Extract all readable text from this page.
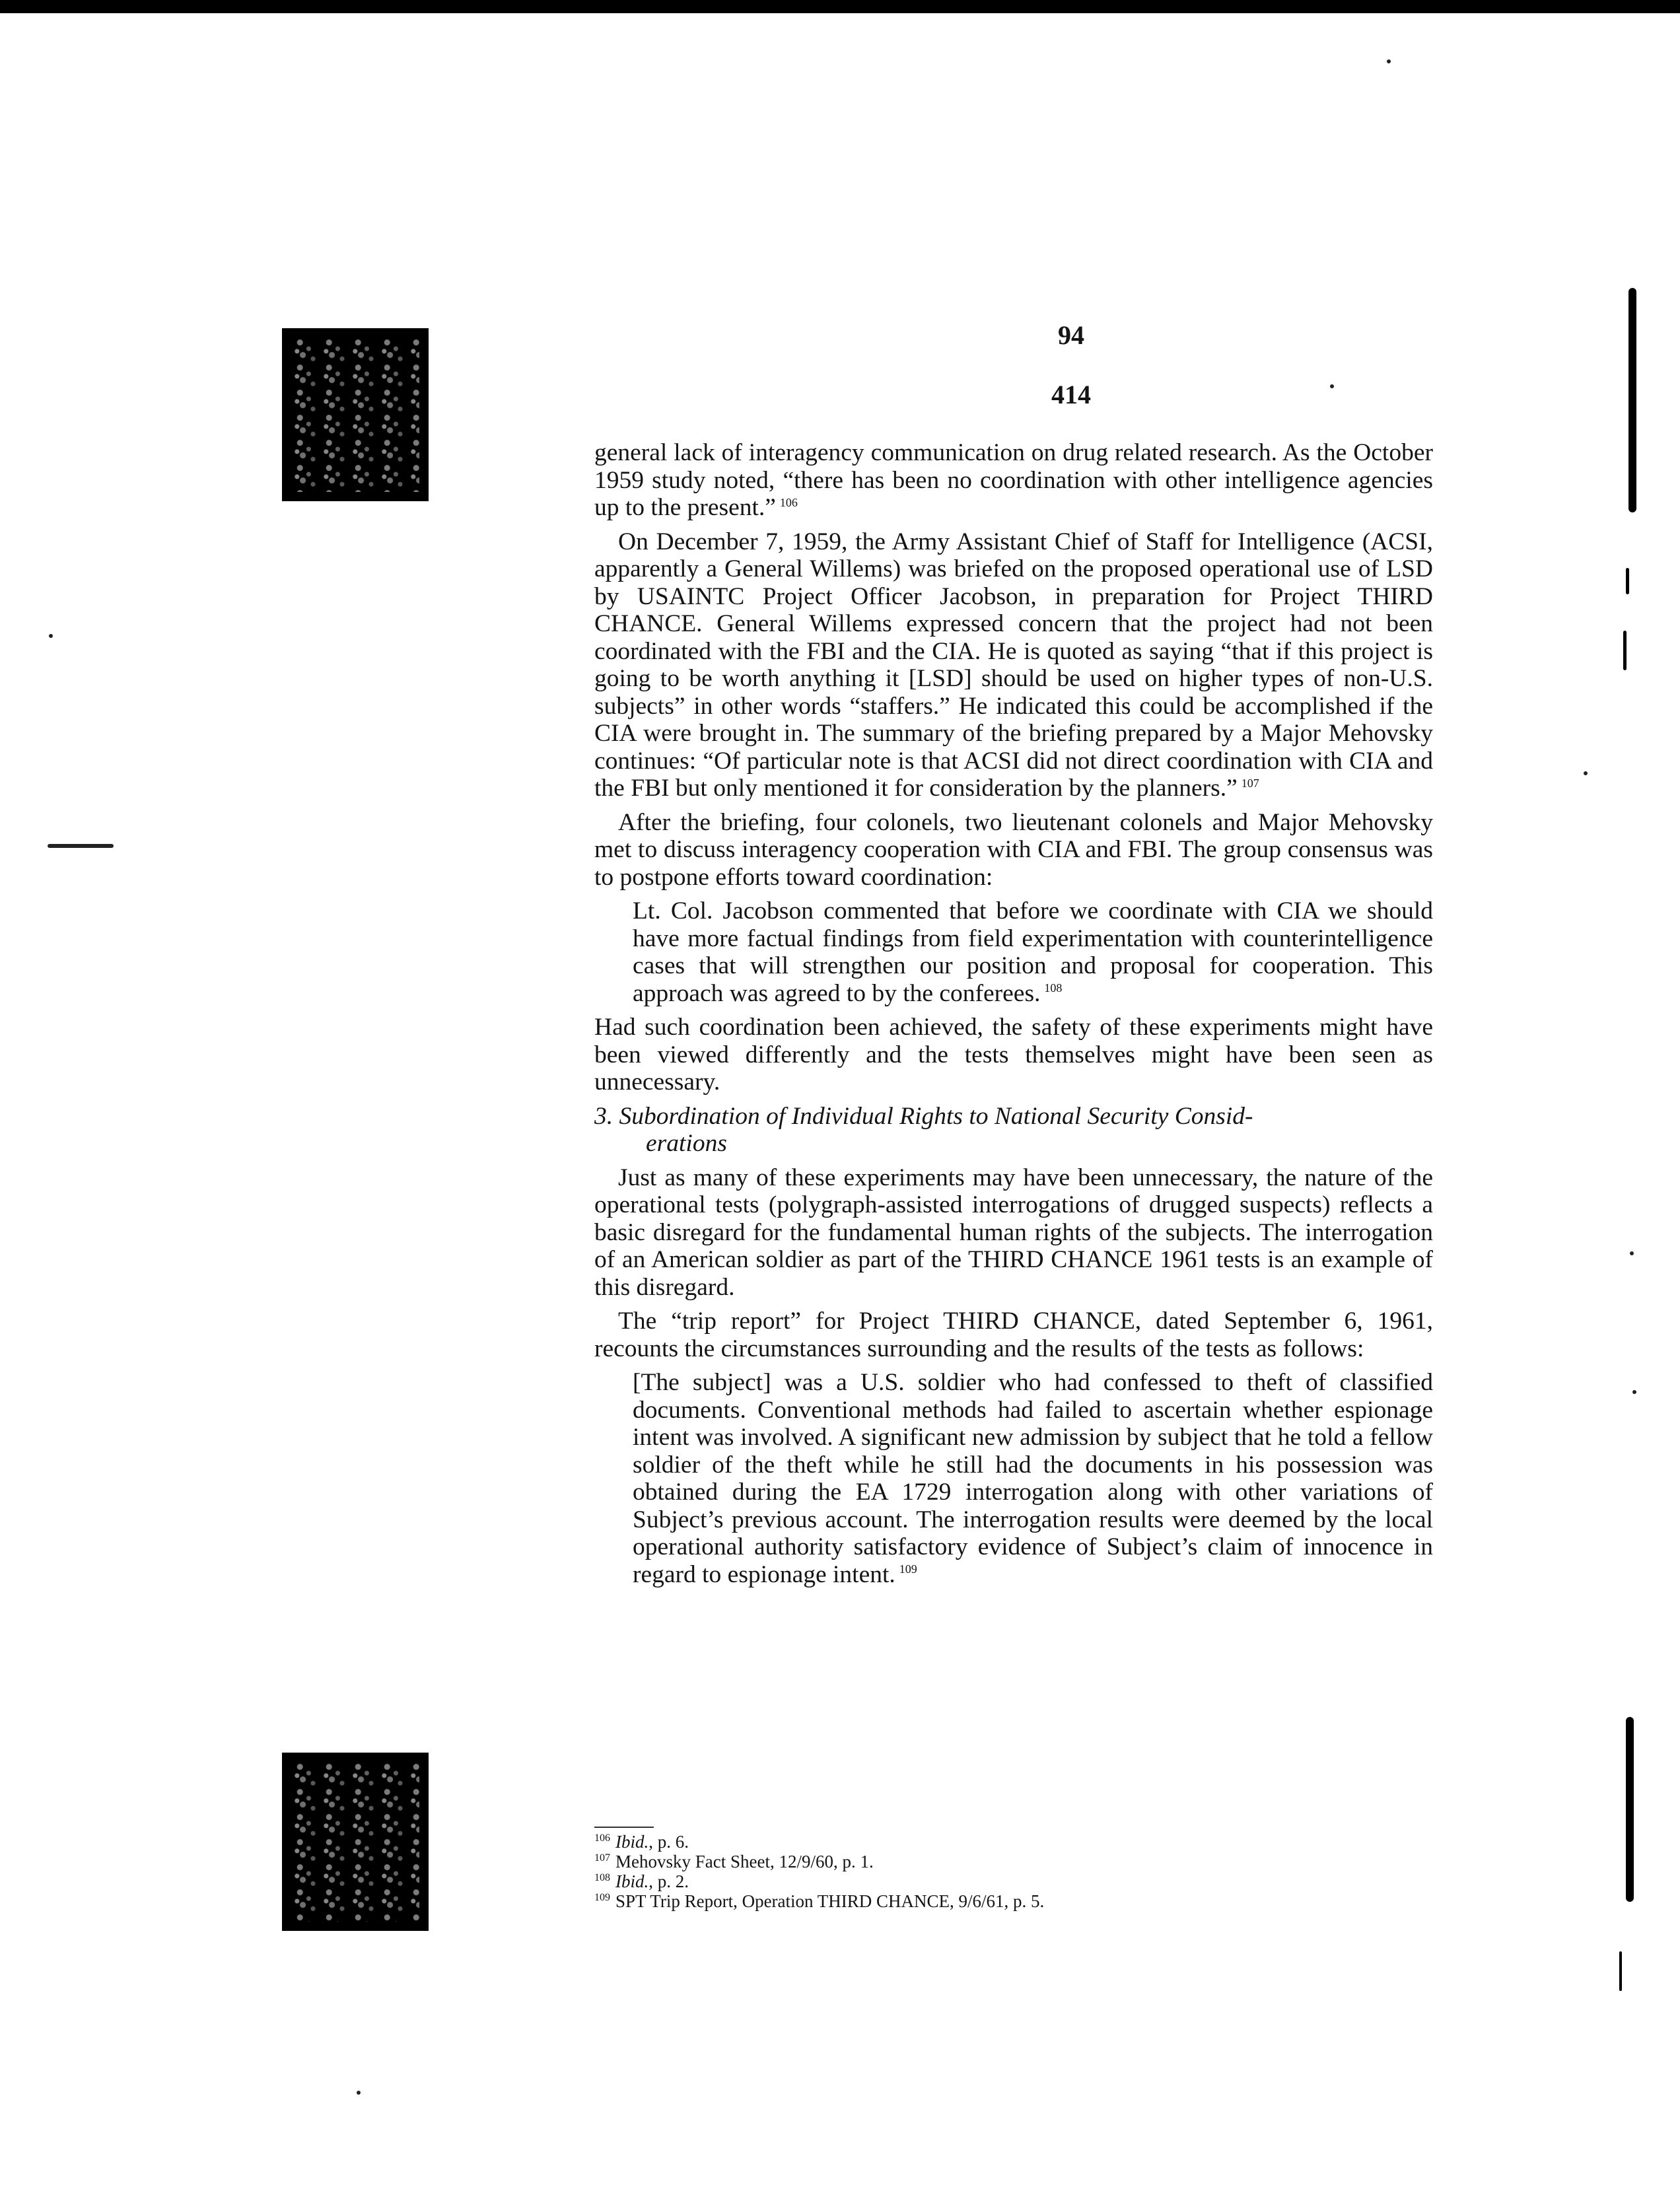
94
414

general lack of interagency communication on drug related research. As the October 1959 study noted, “there has been no coordination with other intelligence agencies up to the present.” $^{106}$

On December 7, 1959, the Army Assistant Chief of Staff for Intelligence (ACSI, apparently a General Willems) was briefed on the proposed operational use of LSD by USAINTC Project Officer Jacobson, in preparation for Project THIRD CHANCE. General Willems expressed concern that the project had not been coordinated with the FBI and the CIA. He is quoted as saying “that if this project is going to be worth anything it [LSD] should be used on higher types of non-U.S. subjects” in other words “staffers.” He indicated this could be accomplished if the CIA were brought in. The summary of the briefing prepared by a Major Mehovsky continues: “Of particular note is that ACSI did not direct coordination with CIA and the FBI but only mentioned it for consideration by the planners.” $^{107}$

After the briefing, four colonels, two lieutenant colonels and Major Mehovsky met to discuss interagency cooperation with CIA and FBI. The group consensus was to postpone efforts toward coordination:

Lt. Col. Jacobson commented that before we coordinate with CIA we should have more factual findings from field experimentation with counterintelligence cases that will strengthen our position and proposal for cooperation. This approach was agreed to by the conferees. $^{108}$

Had such coordination been achieved, the safety of these experiments might have been viewed differently and the tests themselves might have been seen as unnecessary.

3. Subordination of Individual Rights to National Security Consid-
erations

Just as many of these experiments may have been unnecessary, the nature of the operational tests (polygraph-assisted interrogations of drugged suspects) reflects a basic disregard for the fundamental human rights of the subjects. The interrogation of an American soldier as part of the THIRD CHANCE 1961 tests is an example of this disregard.

The “trip report” for Project THIRD CHANCE, dated September 6, 1961, recounts the circumstances surrounding and the results of the tests as follows:

[The subject] was a U.S. soldier who had confessed to theft of classified documents. Conventional methods had failed to ascertain whether espionage intent was involved. A significant new admission by subject that he told a fellow soldier of the theft while he still had the documents in his possession was obtained during the EA 1729 interrogation along with other variations of Subject’s previous account. The interrogation results were deemed by the local operational authority satisfactory evidence of Subject’s claim of innocence in regard to espionage intent. $^{109}$

$^{106}$ Ibid., p. 6.
$^{107}$ Mehovsky Fact Sheet, 12/9/60, p. 1.
$^{108}$ Ibid., p. 2.
$^{109}$ SPT Trip Report, Operation THIRD CHANCE, 9/6/61, p. 5.
